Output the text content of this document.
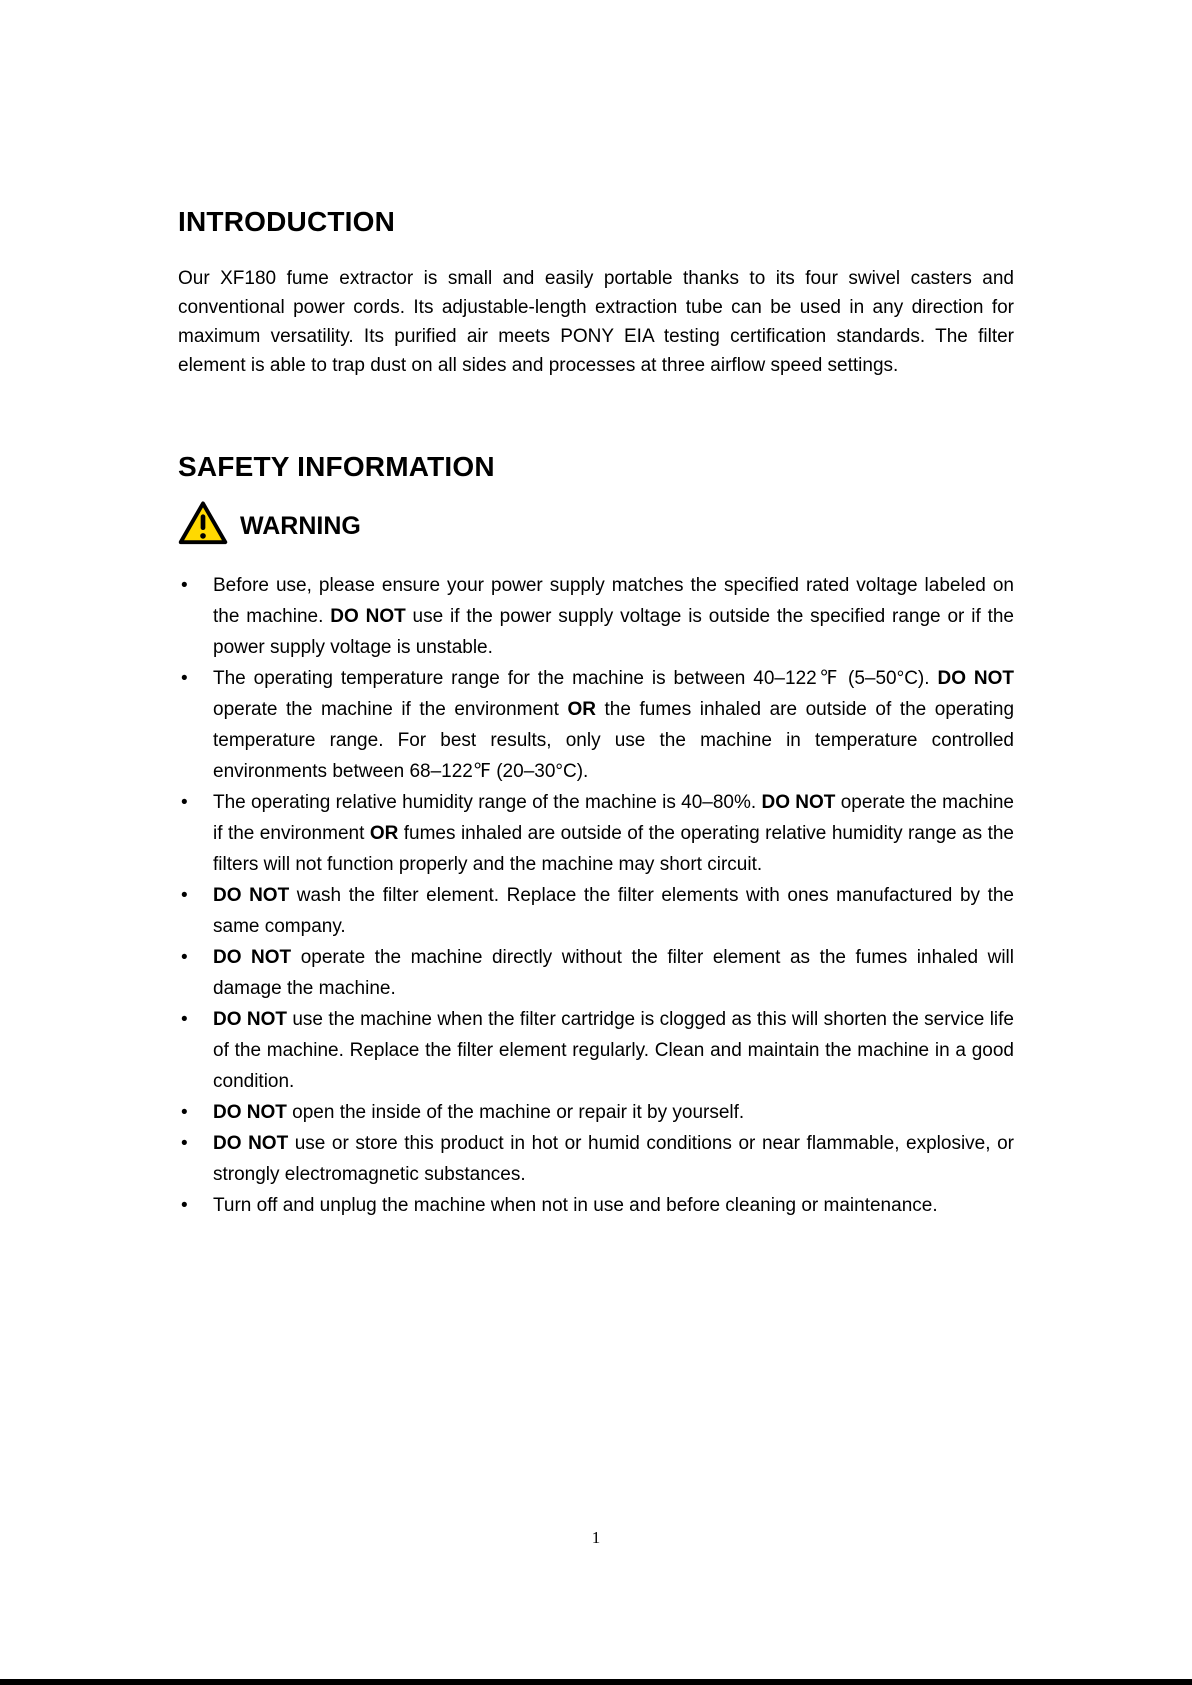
INTRODUCTION

Our XF180 fume extractor is small and easily portable thanks to its four swivel casters and conventional power cords. Its adjustable-length extraction tube can be used in any direction for maximum versatility. Its purified air meets PONY EIA testing certification standards. The filter element is able to trap dust on all sides and processes at three airflow speed settings.

SAFETY INFORMATION
WARNING
• Before use, please ensure your power supply matches the specified rated voltage labeled on the machine. DO NOT use if the power supply voltage is outside the specified range or if the power supply voltage is unstable.
• The operating temperature range for the machine is between 40–122℉ (5–50°C). DO NOT operate the machine if the environment OR the fumes inhaled are outside of the operating temperature range. For best results, only use the machine in temperature controlled environments between 68–122℉ (20–30°C).
• The operating relative humidity range of the machine is 40–80%. DO NOT operate the machine if the environment OR fumes inhaled are outside of the operating relative humidity range as the filters will not function properly and the machine may short circuit.
• DO NOT wash the filter element. Replace the filter elements with ones manufactured by the same company.
• DO NOT operate the machine directly without the filter element as the fumes inhaled will damage the machine.
• DO NOT use the machine when the filter cartridge is clogged as this will shorten the service life of the machine. Replace the filter element regularly. Clean and maintain the machine in a good condition.
• DO NOT open the inside of the machine or repair it by yourself.
• DO NOT use or store this product in hot or humid conditions or near flammable, explosive, or strongly electromagnetic substances.
• Turn off and unplug the machine when not in use and before cleaning or maintenance.
1
